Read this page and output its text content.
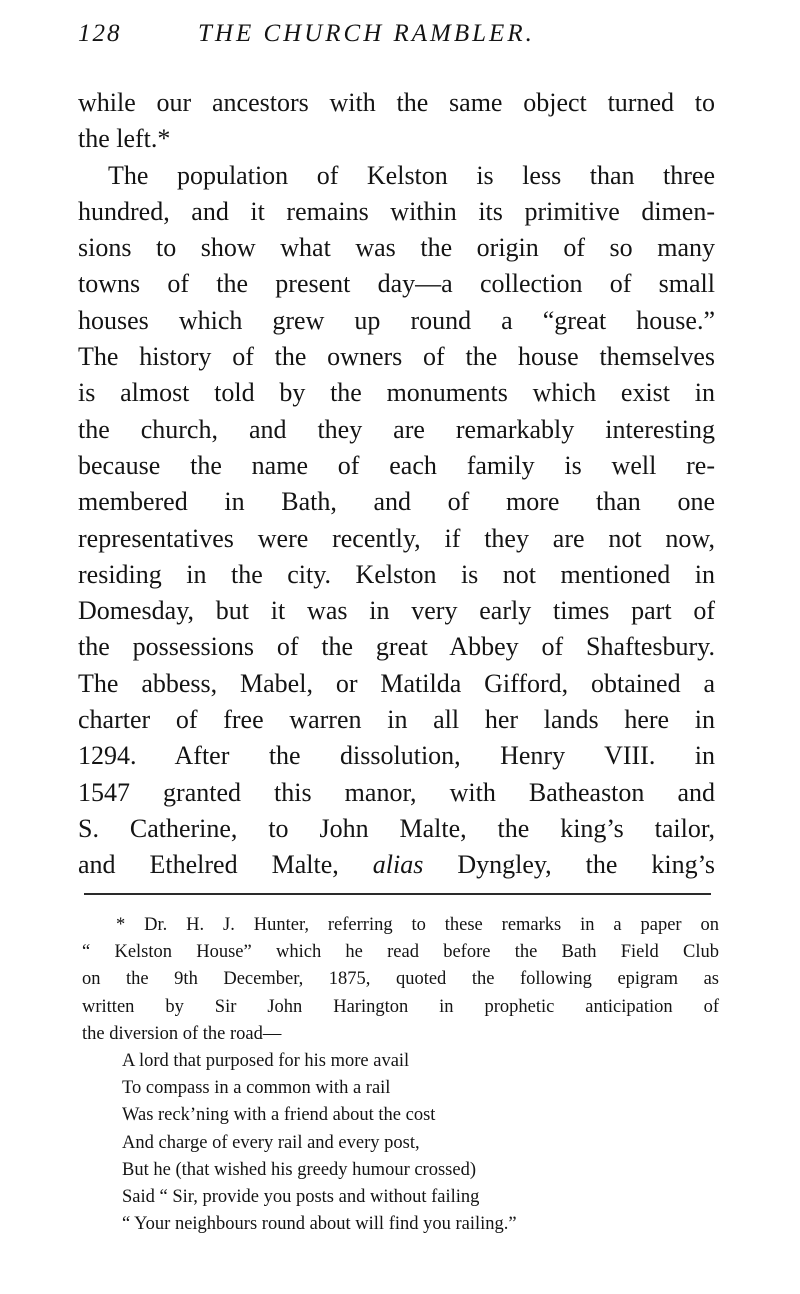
128	THE CHURCH RAMBLER.
while our ancestors with the same object turned to
the left.*
The population of Kelston is less than three
hundred, and it remains within its primitive dimen-
sions to show what was the origin of so many
towns of the present day—a collection of small
houses which grew up round a “great house.”
The history of the owners of the house themselves
is almost told by the monuments which exist in
the church, and they are remarkably interesting
because the name of each family is well re-
membered in Bath, and of more than one
representatives were recently, if they are not now,
residing in the city. Kelston is not mentioned in
Domesday, but it was in very early times part of
the possessions of the great Abbey of Shaftesbury.
The abbess, Mabel, or Matilda Gifford, obtained a
charter of free warren in all her lands here in
1294. After the dissolution, Henry VIII. in
1547 granted this manor, with Batheaston and
S. Catherine, to John Malte, the king’s tailor,
and Ethelred Malte, alias Dyngley, the king’s
* Dr. H. J. Hunter, referring to these remarks in a paper on
“ Kelston House” which he read before the Bath Field Club
on the 9th December, 1875, quoted the following epigram as
written by Sir John Harington in prophetic anticipation of
the diversion of the road—
A lord that purposed for his more avail
To compass in a common with a rail
Was reck’ning with a friend about the cost
And charge of every rail and every post,
But he (that wished his greedy humour crossed)
Said “ Sir, provide you posts and without failing
“ Your neighbours round about will find you railing.”
